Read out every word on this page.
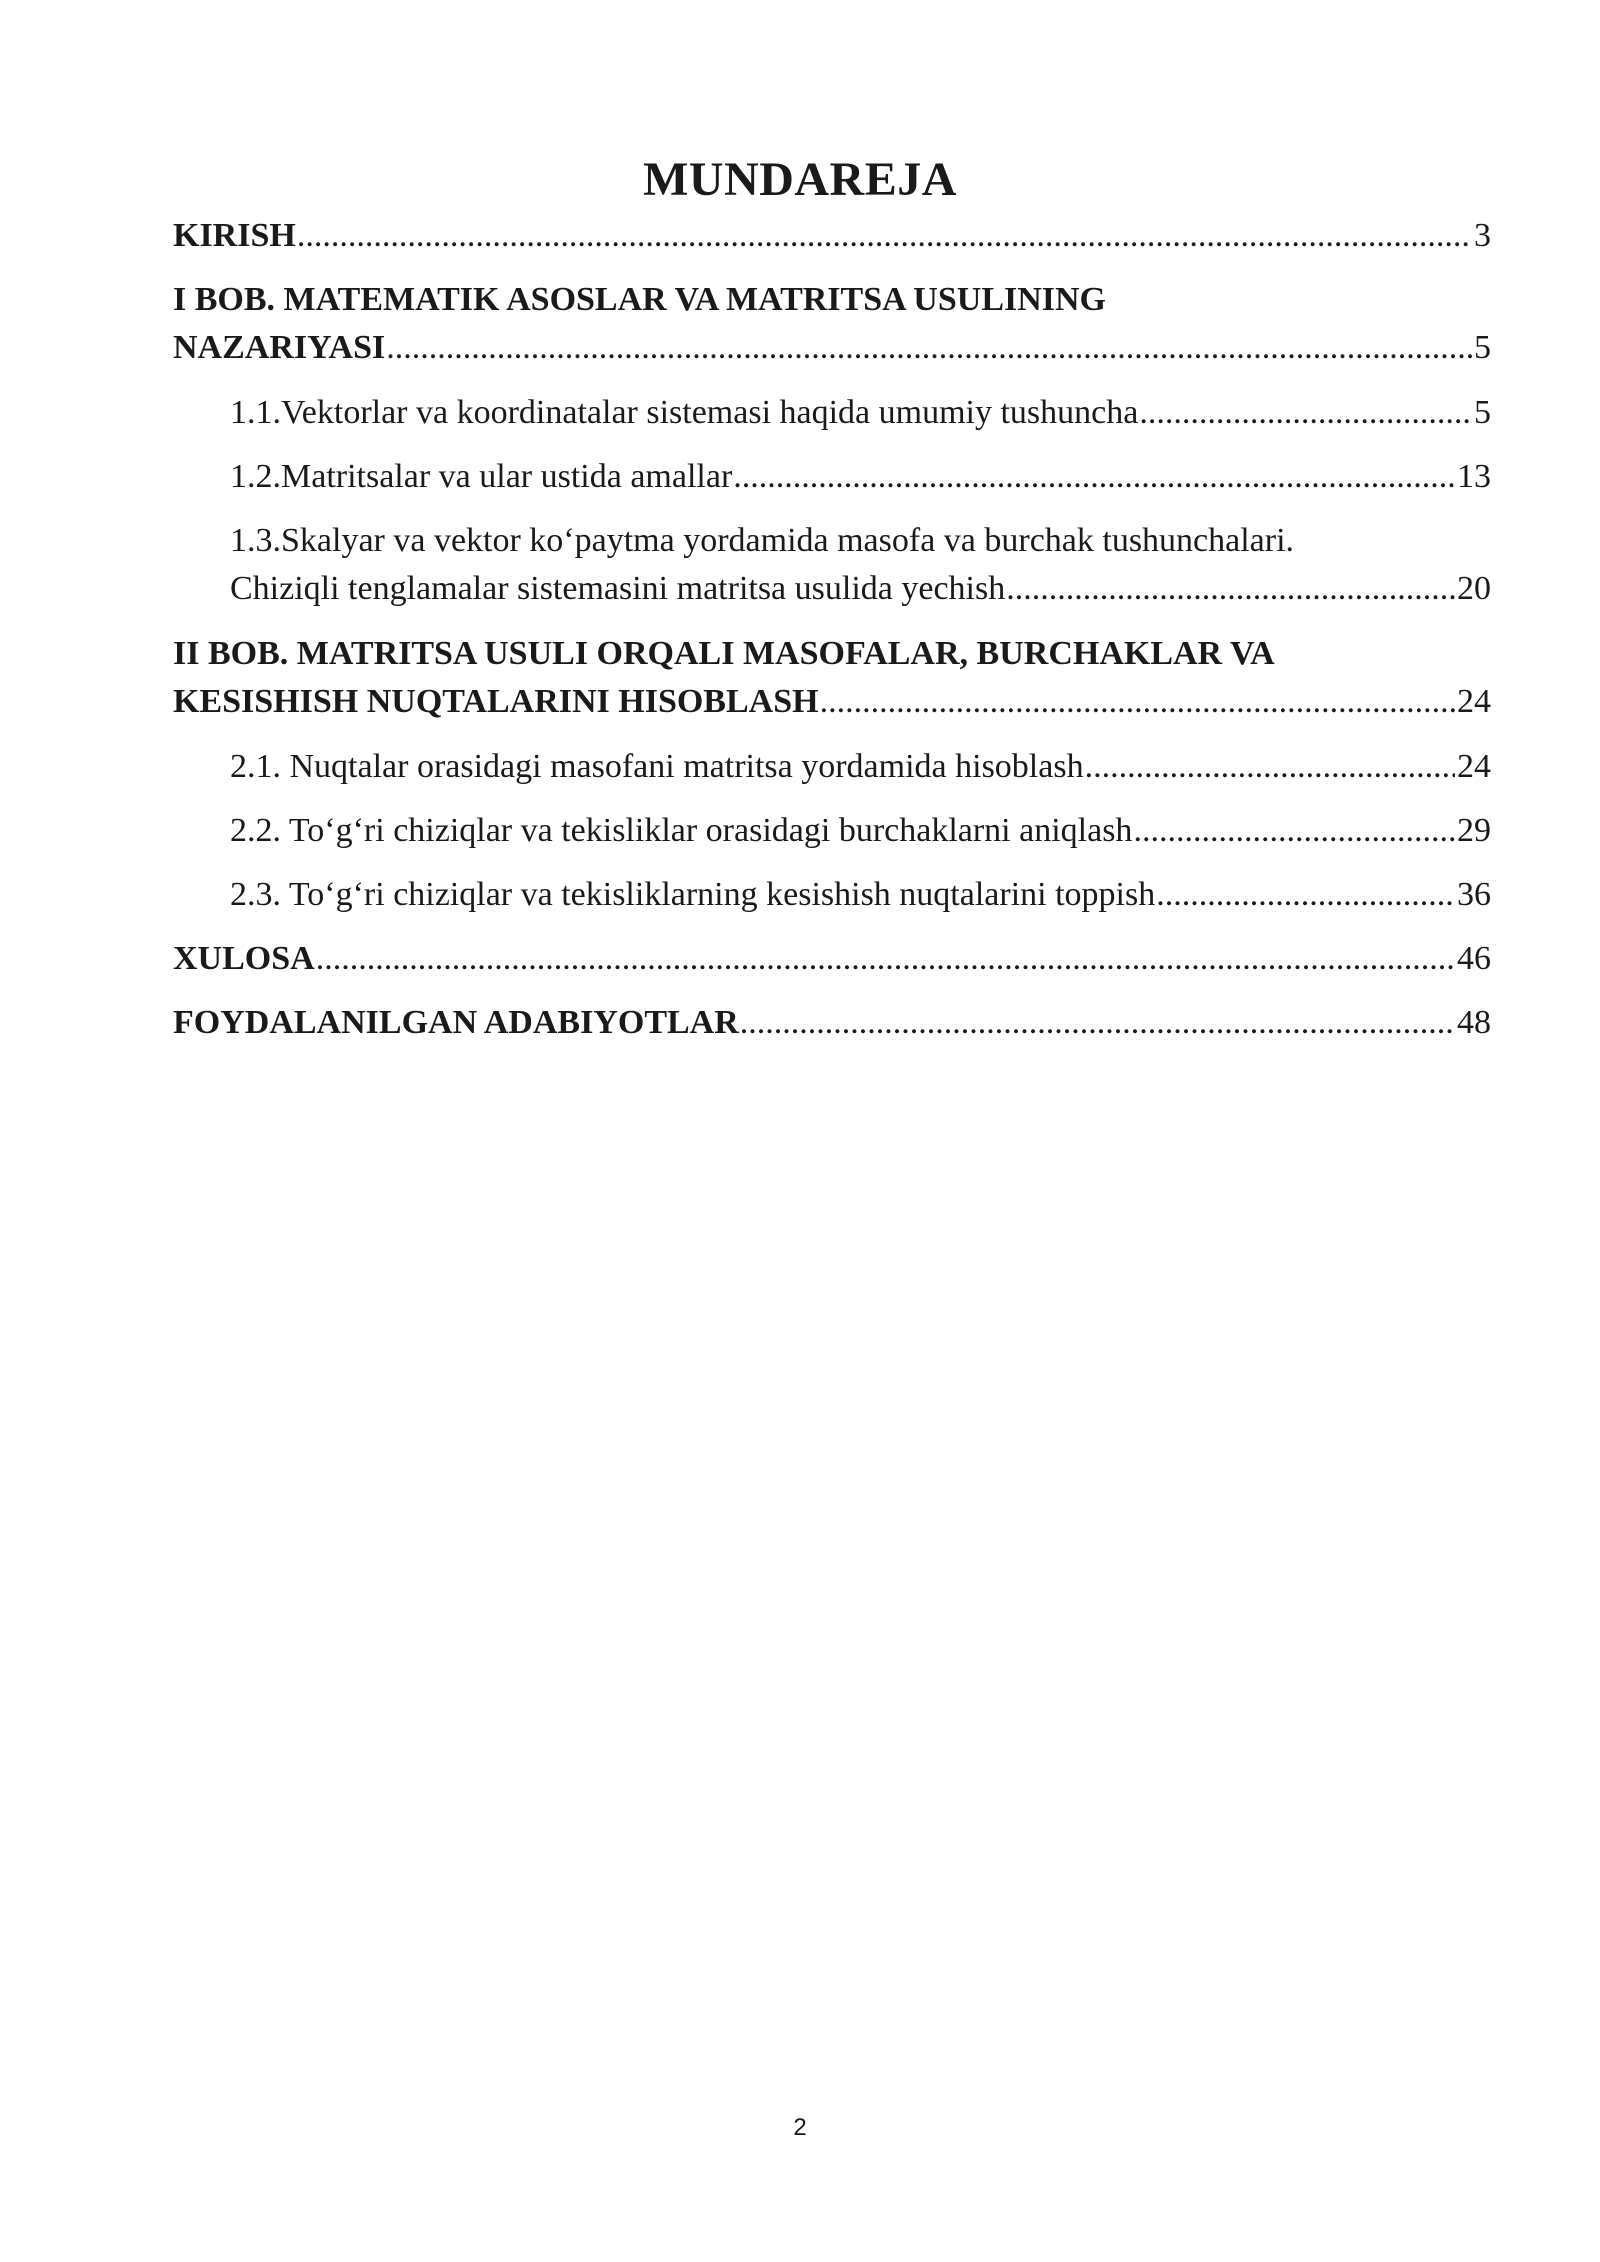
MUNDAREJA
KIRISH .....	3
I BOB. MATEMATIK ASOSLAR VA MATRITSA USULINING
NAZARIYASI .....	5
1.1.Vektorlar va koordinatalar sistemasi haqida umumiy tushuncha .....	5
1.2.Matritsalar va ular ustida amallar .....	13
1.3.Skalyar va vektor ko‘paytma yordamida masofa va burchak tushunchalari.
Chiziqli tenglamalar sistemasini matritsa usulida yechish .....	20
II BOB. MATRITSA USULI ORQALI MASOFALAR, BURCHAKLAR VA
KESISHISH NUQTALARINI HISOBLASH .....	24
2.1. Nuqtalar orasidagi masofani matritsa yordamida hisoblash .....	24
2.2. To‘g‘ri chiziqlar va tekisliklar orasidagi burchaklarni aniqlash .....	29
2.3. To‘g‘ri chiziqlar va tekisliklarning kesishish nuqtalarini toppish .....	36
XULOSA .....	46
FOYDALANILGAN ADABIYOTLAR .....	48
2
